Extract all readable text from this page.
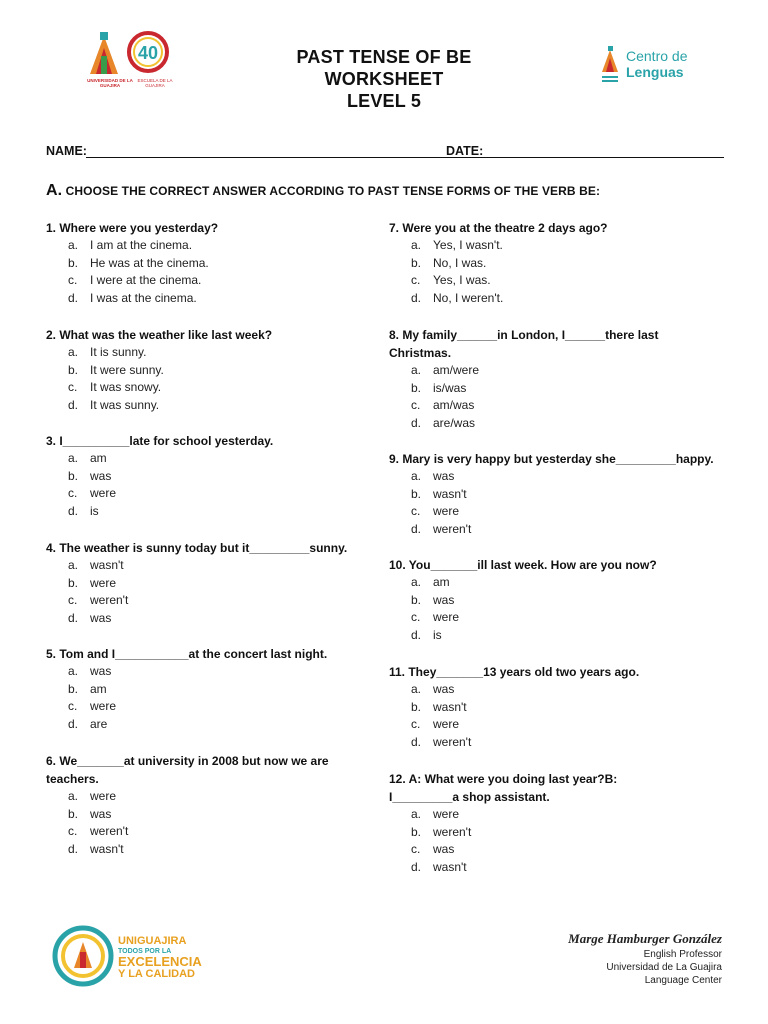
40
UNIVERSIDAD DE LA GUAJIRA
ESCUELA DE LA GUAJIRA
PAST TENSE OF BE
WORKSHEET
LEVEL 5
Centro de
Lenguas
NAME:	DATE:
A. CHOOSE THE CORRECT ANSWER ACCORDING TO PAST TENSE FORMS OF THE VERB BE:
1. Where were you yesterday?
a. I am at the cinema.
b. He was at the cinema.
c. I were at the cinema.
d. I was at the cinema.
2. What was the weather like last week?
a. It is sunny.
b. It were sunny.
c. It was snowy.
d. It was sunny.
3. I__________late for school yesterday.
a. am
b. was
c. were
d. is
4. The weather is sunny today but it_________sunny.
a. wasn't
b. were
c. weren't
d. was
5. Tom and I___________at the concert last night.
a. was
b. am
c. were
d. are
6. We_______at university in 2008 but now we are teachers.
a. were
b. was
c. weren't
d. wasn't
7. Were you at the theatre 2 days ago?
a. Yes, I wasn't.
b. No, I was.
c. Yes, I was.
d. No, I weren't.
8. My family______in London, I______there last Christmas.
a. am/were
b. is/was
c. am/was
d. are/was
9. Mary is very happy but yesterday she_________happy.
a. was
b. wasn't
c. were
d. weren't
10. You_______ill last week. How are you now?
a. am
b. was
c. were
d. is
11. They_______13 years old two years ago.
a. was
b. wasn't
c. were
d. weren't
12. A: What were you doing last year?B: I_________a shop assistant.
a. were
b. weren't
c. was
d. wasn't
UNIGUAJIRA
TODOS POR LA
EXCELENCIA
Y LA CALIDAD
Marge Hamburger González
English Professor
Universidad de La Guajira
Language Center
